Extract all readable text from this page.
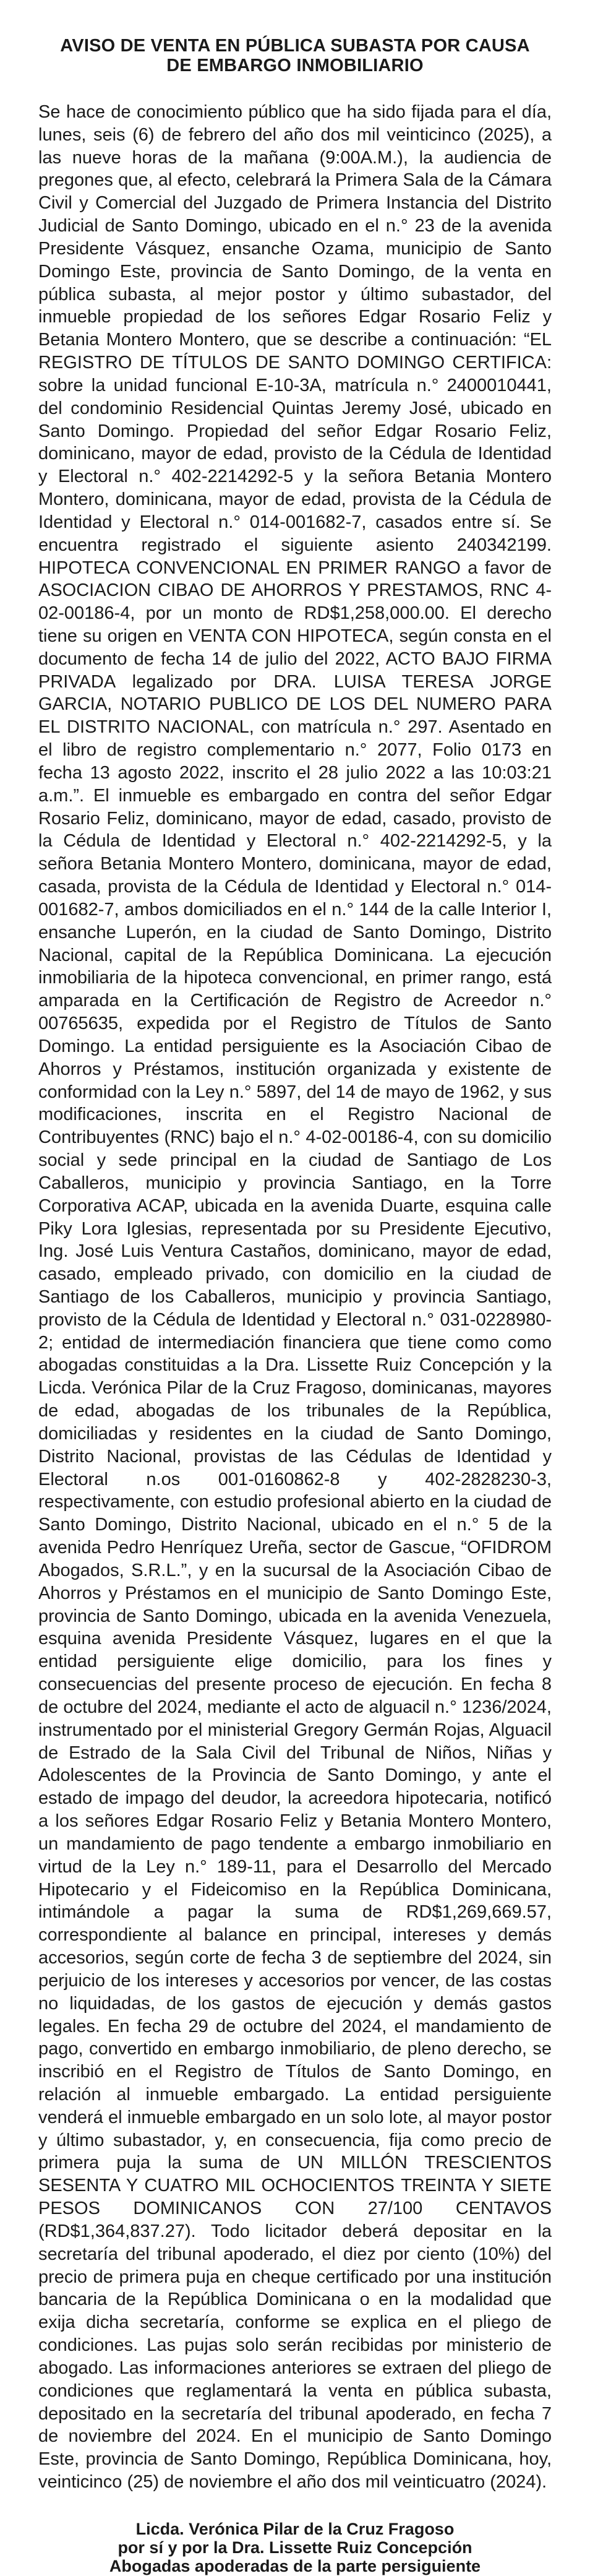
AVISO DE VENTA EN PÚBLICA SUBASTA POR CAUSA
DE EMBARGO INMOBILIARIO

Se hace de conocimiento público que ha sido fijada para el día, lunes, seis (6) de febrero del año dos mil veinticinco (2025), a las nueve horas de la mañana (9:00A.M.), la audiencia de pregones que, al efecto, celebrará la Primera Sala de la Cámara Civil y Comercial del Juzgado de Primera Instancia del Distrito Judicial de Santo Domingo, ubicado en el n.° 23 de la avenida Presidente Vásquez, ensanche Ozama, municipio de Santo Domingo Este, provincia de Santo Domingo, de la venta en pública subasta, al mejor postor y último subastador, del inmueble propiedad de los señores Edgar Rosario Feliz y Betania Montero Montero, que se describe a continuación: “EL REGISTRO DE TÍTULOS DE SANTO DOMINGO CERTIFICA: sobre la unidad funcional E-10-3A, matrícula n.° 2400010441, del condominio Residencial Quintas Jeremy José, ubicado en Santo Domingo. Propiedad del señor Edgar Rosario Feliz, dominicano, mayor de edad, provisto de la Cédula de Identidad y Electoral n.° 402-2214292-5 y la señora Betania Montero Montero, dominicana, mayor de edad, provista de la Cédula de Identidad y Electoral n.° 014-001682-7, casados entre sí. Se encuentra registrado el siguiente asiento 240342199. HIPOTECA CONVENCIONAL EN PRIMER RANGO a favor de ASOCIACION CIBAO DE AHORROS Y PRESTAMOS, RNC 4-02-00186-4, por un monto de RD$1,258,000.00. El derecho tiene su origen en VENTA CON HIPOTECA, según consta en el documento de fecha 14 de julio del 2022, ACTO BAJO FIRMA PRIVADA legalizado por DRA. LUISA TERESA JORGE GARCIA, NOTARIO PUBLICO DE LOS DEL NUMERO PARA EL DISTRITO NACIONAL, con matrícula n.° 297. Asentado en el libro de registro complementario n.° 2077, Folio 0173 en fecha 13 agosto 2022, inscrito el 28 julio 2022 a las 10:03:21 a.m.”. El inmueble es embargado en contra del señor Edgar Rosario Feliz, dominicano, mayor de edad, casado, provisto de la Cédula de Identidad y Electoral n.° 402-2214292-5, y la señora Betania Montero Montero, dominicana, mayor de edad, casada, provista de la Cédula de Identidad y Electoral n.° 014-001682-7, ambos domiciliados en el n.° 144 de la calle Interior I, ensanche Luperón, en la ciudad de Santo Domingo, Distrito Nacional, capital de la República Dominicana. La ejecución inmobiliaria de la hipoteca convencional, en primer rango, está amparada en la Certificación de Registro de Acreedor n.° 00765635, expedida por el Registro de Títulos de Santo Domingo. La entidad persiguiente es la Asociación Cibao de Ahorros y Préstamos, institución organizada y existente de conformidad con la Ley n.° 5897, del 14 de mayo de 1962, y sus modificaciones, inscrita en el Registro Nacional de Contribuyentes (RNC) bajo el n.° 4-02-00186-4, con su domicilio social y sede principal en la ciudad de Santiago de Los Caballeros, municipio y provincia Santiago, en la Torre Corporativa ACAP, ubicada en la avenida Duarte, esquina calle Piky Lora Iglesias, representada por su Presidente Ejecutivo, Ing. José Luis Ventura Castaños, dominicano, mayor de edad, casado, empleado privado, con domicilio en la ciudad de Santiago de los Caballeros, municipio y provincia Santiago, provisto de la Cédula de Identidad y Electoral n.° 031-0228980-2; entidad de intermediación financiera que tiene como como abogadas constituidas a la Dra. Lissette Ruiz Concepción y la Licda. Verónica Pilar de la Cruz Fragoso, dominicanas, mayores de edad, abogadas de los tribunales de la República, domiciliadas y residentes en la ciudad de Santo Domingo, Distrito Nacional, provistas de las Cédulas de Identidad y Electoral n.os 001-0160862-8 y 402-2828230-3, respectivamente, con estudio profesional abierto en la ciudad de Santo Domingo, Distrito Nacional, ubicado en el n.° 5 de la avenida Pedro Henríquez Ureña, sector de Gascue, “OFIDROM Abogados, S.R.L.”, y en la sucursal de la Asociación Cibao de Ahorros y Préstamos en el municipio de Santo Domingo Este, provincia de Santo Domingo, ubicada en la avenida Venezuela, esquina avenida Presidente Vásquez, lugares en el que la entidad persiguiente elige domicilio, para los fines y consecuencias del presente proceso de ejecución. En fecha 8 de octubre del 2024, mediante el acto de alguacil n.° 1236/2024, instrumentado por el ministerial Gregory Germán Rojas, Alguacil de Estrado de la Sala Civil del Tribunal de Niños, Niñas y Adolescentes de la Provincia de Santo Domingo, y ante el estado de impago del deudor, la acreedora hipotecaria, notificó a los señores Edgar Rosario Feliz y Betania Montero Montero, un mandamiento de pago tendente a embargo inmobiliario en virtud de la Ley n.° 189-11, para el Desarrollo del Mercado Hipotecario y el Fideicomiso en la República Dominicana, intimándole a pagar la suma de RD$1,269,669.57, correspondiente al balance en principal, intereses y demás accesorios, según corte de fecha 3 de septiembre del 2024, sin perjuicio de los intereses y accesorios por vencer, de las costas no liquidadas, de los gastos de ejecución y demás gastos legales. En fecha 29 de octubre del 2024, el mandamiento de pago, convertido en embargo inmobiliario, de pleno derecho, se inscribió en el Registro de Títulos de Santo Domingo, en relación al inmueble embargado. La entidad persiguiente venderá el inmueble embargado en un solo lote, al mayor postor y último subastador, y, en consecuencia, fija como precio de primera puja la suma de UN MILLÓN TRESCIENTOS SESENTA Y CUATRO MIL OCHOCIENTOS TREINTA Y SIETE PESOS DOMINICANOS CON 27/100 CENTAVOS (RD$1,364,837.27). Todo licitador deberá depositar en la secretaría del tribunal apoderado, el diez por ciento (10%) del precio de primera puja en cheque certificado por una institución bancaria de la República Dominicana o en la modalidad que exija dicha secretaría, conforme se explica en el pliego de condiciones. Las pujas solo serán recibidas por ministerio de abogado. Las informaciones anteriores se extraen del pliego de condiciones que reglamentará la venta en pública subasta, depositado en la secretaría del tribunal apoderado, en fecha 7 de noviembre del 2024. En el municipio de Santo Domingo Este, provincia de Santo Domingo, República Dominicana, hoy, veinticinco (25) de noviembre el año dos mil veinticuatro (2024).

Licda. Verónica Pilar de la Cruz Fragoso
por sí y por la Dra. Lissette Ruiz Concepción
Abogadas apoderadas de la parte persiguiente
